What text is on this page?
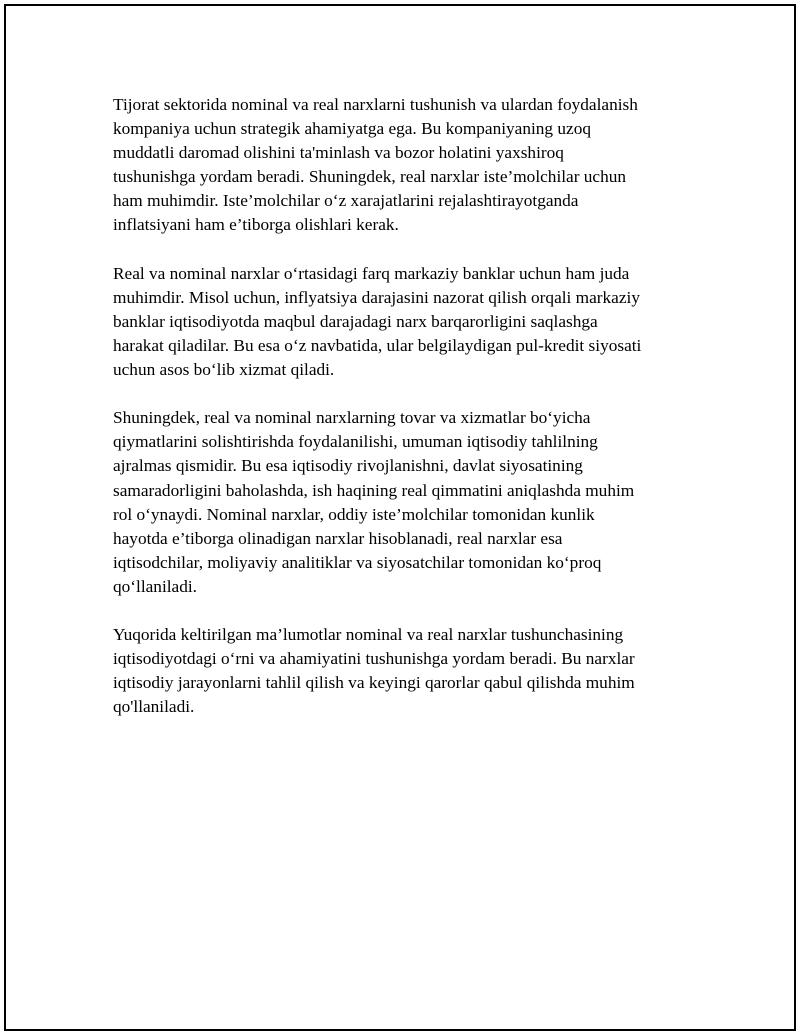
Tijorat sektorida nominal va real narxlarni tushunish va ulardan foydalanish
kompaniya uchun strategik ahamiyatga ega. Bu kompaniyaning uzoq
muddatli daromad olishini ta'minlash va bozor holatini yaxshiroq
tushunishga yordam beradi. Shuningdek, real narxlar iste’molchilar uchun
ham muhimdir. Iste’molchilar o‘z xarajatlarini rejalashtirayotganda
inflatsiyani ham e’tiborga olishlari kerak.

Real va nominal narxlar o‘rtasidagi farq markaziy banklar uchun ham juda
muhimdir. Misol uchun, inflyatsiya darajasini nazorat qilish orqali markaziy
banklar iqtisodiyotda maqbul darajadagi narx barqarorligini saqlashga
harakat qiladilar. Bu esa o‘z navbatida, ular belgilaydigan pul-kredit siyosati
uchun asos bo‘lib xizmat qiladi.

Shuningdek, real va nominal narxlarning tovar va xizmatlar bo‘yicha
qiymatlarini solishtirishda foydalanilishi, umuman iqtisodiy tahlilning
ajralmas qismidir. Bu esa iqtisodiy rivojlanishni, davlat siyosatining
samaradorligini baholashda, ish haqining real qimmatini aniqlashda muhim
rol o‘ynaydi. Nominal narxlar, oddiy iste’molchilar tomonidan kunlik
hayotda e’tiborga olinadigan narxlar hisoblanadi, real narxlar esa
iqtisodchilar, moliyaviy analitiklar va siyosatchilar tomonidan ko‘proq
qo‘llaniladi.

Yuqorida keltirilgan ma’lumotlar nominal va real narxlar tushunchasining
iqtisodiyotdagi o‘rni va ahamiyatini tushunishga yordam beradi. Bu narxlar
iqtisodiy jarayonlarni tahlil qilish va keyingi qarorlar qabul qilishda muhim
qo'llaniladi.
